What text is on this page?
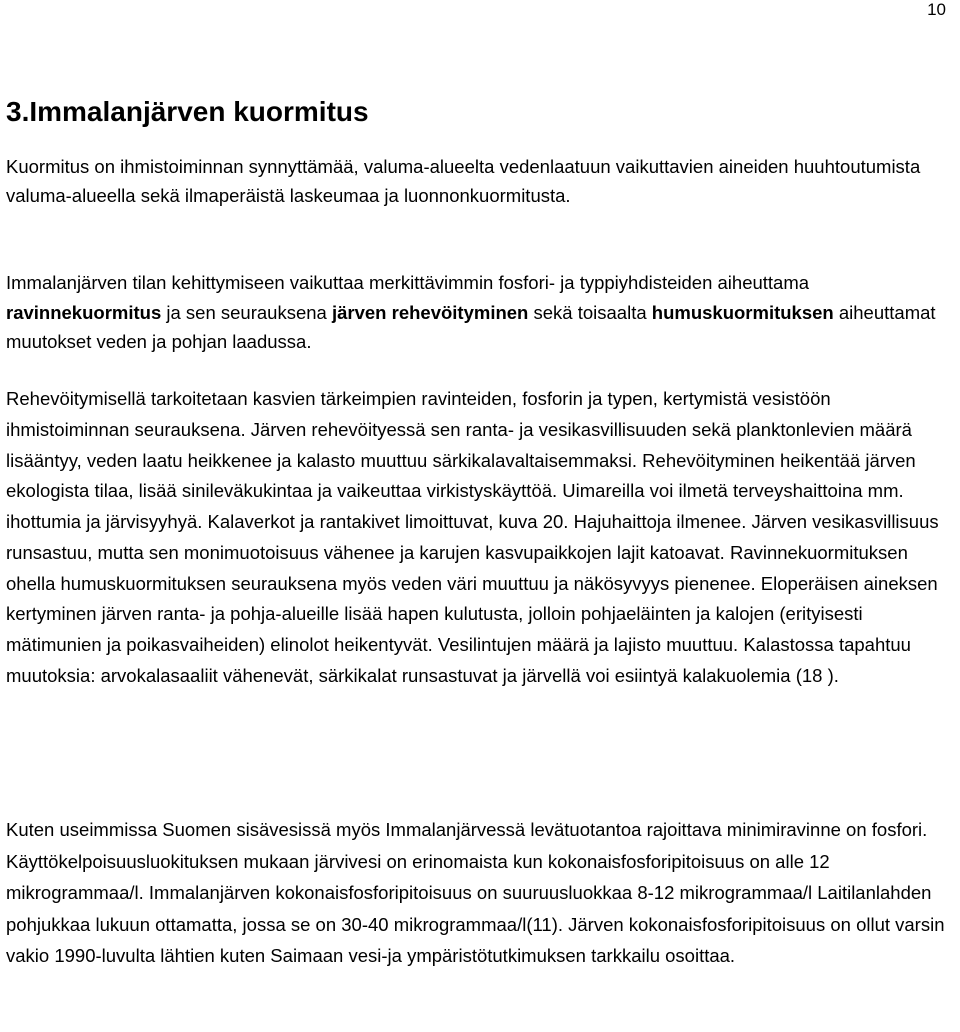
10
3.Immalanjärven kuormitus

Kuormitus on ihmistoiminnan synnyttämää, valuma-alueelta vedenlaatuun vaikuttavien aineiden huuhtoutumista valuma-alueella sekä ilmaperäistä laskeumaa ja luonnonkuormitusta.

Immalanjärven tilan kehittymiseen vaikuttaa merkittävimmin fosfori- ja typpiyhdisteiden aiheuttama ravinnekuormitus ja sen seurauksena järven rehevöityminen sekä toisaalta humuskuormituksen aiheuttamat muutokset veden ja pohjan laadussa.

Rehevöitymisellä tarkoitetaan kasvien tärkeimpien ravinteiden, fosforin ja typen, kertymistä vesistöön ihmistoiminnan seurauksena. Järven rehevöityessä sen ranta- ja vesikasvillisuuden sekä planktonlevien määrä lisääntyy, veden laatu heikkenee ja kalasto muuttuu särkikalavaltaisemmaksi. Rehevöityminen heikentää järven ekologista tilaa, lisää sinileväkukintaa ja vaikeuttaa virkistyskäyttöä. Uimareilla voi ilmetä terveyshaittoina mm. ihottumia ja järvisyyhyä. Kalaverkot ja rantakivet limoittuvat, kuva 20. Hajuhaittoja ilmenee. Järven vesikasvillisuus runsastuu, mutta sen monimuotoisuus vähenee ja karujen kasvupaikkojen lajit katoavat. Ravinnekuormituksen ohella humuskuormituksen seurauksena myös veden väri muuttuu ja näkösyvyys pienenee. Eloperäisen aineksen kertyminen järven ranta- ja pohja-alueille lisää hapen kulutusta, jolloin pohjaeläinten ja kalojen (erityisesti mätimunien ja poikasvaiheiden) elinolot heikentyvät. Vesilintujen määrä ja lajisto muuttuu. Kalastossa tapahtuu muutoksia: arvokalasaaliit vähenevät, särkikalat runsastuvat ja järvellä voi esiintyä kalakuolemia (18 ).

Kuten useimmissa Suomen sisävesissä myös Immalanjärvessä levätuotantoa rajoittava minimiravinne on fosfori. Käyttökelpoisuusluokituksen mukaan järvivesi on erinomaista kun kokonaisfosforipitoisuus on alle 12 mikrogrammaa/l. Immalanjärven kokonaisfosforipitoisuus on suuruusluokkaa 8-12 mikrogrammaa/l Laitilanlahden pohjukkaa lukuun ottamatta, jossa se on 30-40 mikrogrammaa/l(11). Järven kokonaisfosforipitoisuus on ollut varsin vakio 1990-luvulta lähtien kuten Saimaan vesi-ja ympäristötutkimuksen tarkkailu osoittaa.
